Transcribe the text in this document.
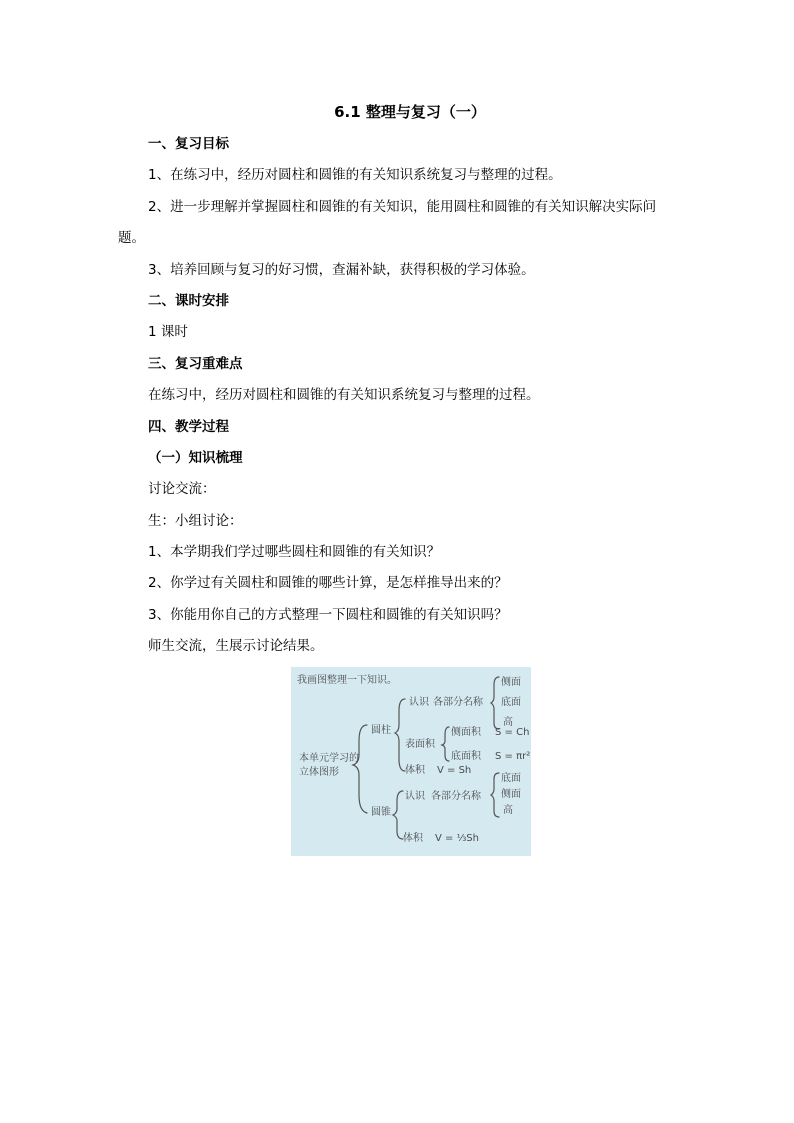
6.1 整理与复习（一）
一、复习目标
1、在练习中，经历对圆柱和圆锥的有关知识系统复习与整理的过程。
2、进一步理解并掌握圆柱和圆锥的有关知识，能用圆柱和圆锥的有关知识解决实际问
题。
3、培养回顾与复习的好习惯，查漏补缺，获得积极的学习体验。
二、课时安排
1 课时
三、复习重难点
在练习中，经历对圆柱和圆锥的有关知识系统复习与整理的过程。
四、教学过程
（一）知识梳理
讨论交流：
生：小组讨论：
1、本学期我们学过哪些圆柱和圆锥的有关知识？
2、你学过有关圆柱和圆锥的哪些计算，是怎样推导出来的？
3、你能用你自己的方式整理一下圆柱和圆锥的有关知识吗？
师生交流，生展示讨论结果。
我画图整理一下知识。
本单元学习的
立体图形
圆柱
圆锥
认识 各部分名称
侧面
底面
高
表面积
侧面积 S = Ch
底面积 S = πr²
体积 V = Sh
认识 各部分名称
底面
侧面
高
体积 V = ⅓Sh
